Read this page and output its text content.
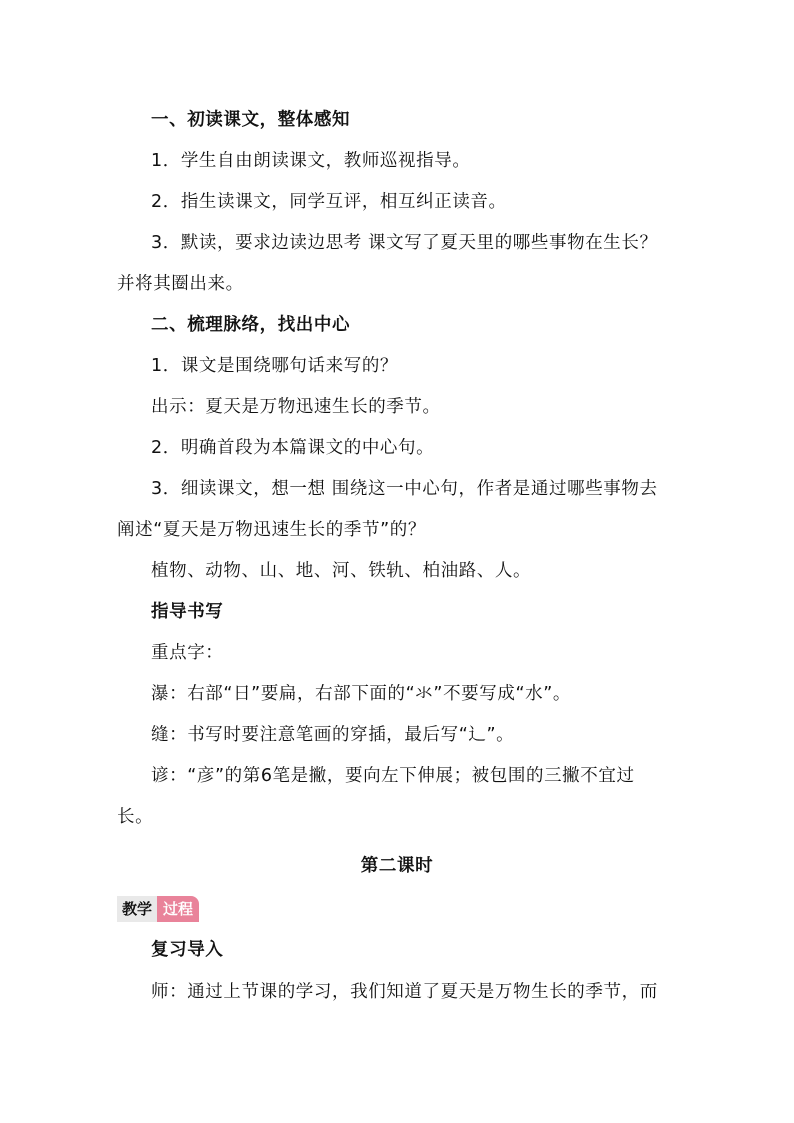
一、初读课文，整体感知

1．学生自由朗读课文，教师巡视指导。

2．指生读课文，同学互评，相互纠正读音。

3．默读，要求边读边思考 课文写了夏天里的哪些事物在生长？

并将其圈出来。

二、梳理脉络，找出中心

1．课文是围绕哪句话来写的？

出示：夏天是万物迅速生长的季节。

2．明确首段为本篇课文的中心句。

3．细读课文，想一想 围绕这一中心句，作者是通过哪些事物去

阐述“夏天是万物迅速生长的季节”的？

植物、动物、山、地、河、铁轨、柏油路、人。

指导书写

重点字：

瀑：右部“日”要扁，右部下面的“氺”不要写成“水”。

缝：书写时要注意笔画的穿插，最后写“辶”。

谚：“彦”的第6笔是撇，要向左下伸展；被包围的三撇不宜过

长。

第二课时

教学 过程

复习导入

师：通过上节课的学习，我们知道了夏天是万物生长的季节，而
